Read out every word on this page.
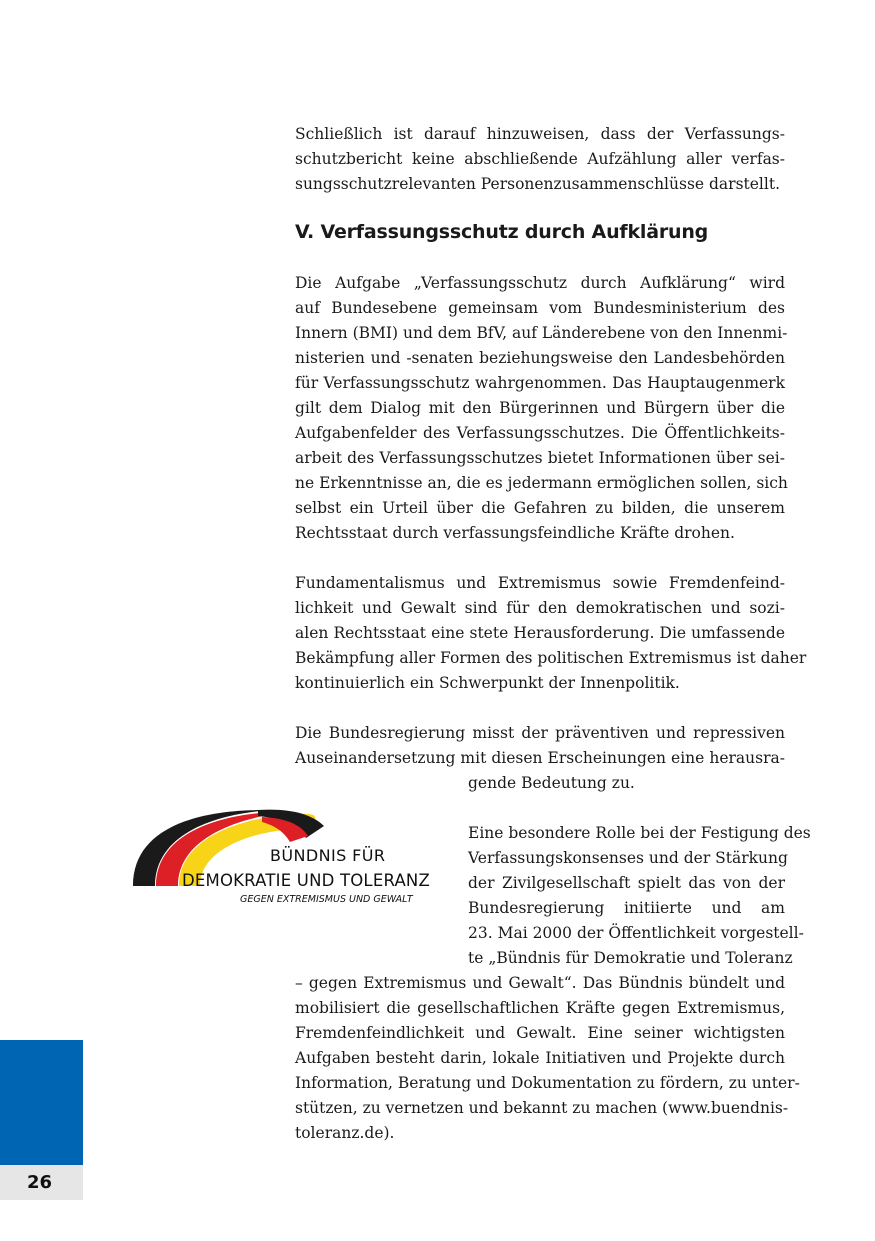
Schließlich ist darauf hinzuweisen, dass der Verfassungs-
schutzbericht keine abschließende Aufzählung aller verfas-
sungsschutzrelevanten Personenzusammenschlüsse darstellt.
V. Verfassungsschutz durch Aufklärung
Die Aufgabe „Verfassungsschutz durch Aufklärung“ wird
auf Bundesebene gemeinsam vom Bundesministerium des
Innern (BMI) und dem BfV, auf Länderebene von den Innenmi-
nisterien und -senaten beziehungsweise den Landesbehörden
für Verfassungsschutz wahrgenommen. Das Hauptaugenmerk
gilt dem Dialog mit den Bürgerinnen und Bürgern über die
Aufgabenfelder des Verfassungsschutzes. Die Öffentlichkeits-
arbeit des Verfassungsschutzes bietet Informationen über sei-
ne Erkenntnisse an, die es jedermann ermöglichen sollen, sich
selbst ein Urteil über die Gefahren zu bilden, die unserem
Rechtsstaat durch verfassungsfeindliche Kräfte drohen.
Fundamentalismus und Extremismus sowie Fremdenfeind-
lichkeit und Gewalt sind für den demokratischen und sozi-
alen Rechtsstaat eine stete Herausforderung. Die umfassende
Bekämpfung aller Formen des politischen Extremismus ist daher
kontinuierlich ein Schwerpunkt der Innenpolitik.
Die Bundesregierung misst der präventiven und repressiven
Auseinandersetzung mit diesen Erscheinungen eine herausra-
gende Bedeutung zu.
Eine besondere Rolle bei der Festigung des
Verfassungskonsenses und der Stärkung
der Zivilgesellschaft spielt das von der
Bundesregierung initiierte und am
23. Mai 2000 der Öffentlichkeit vorgestell-
te „Bündnis für Demokratie und Toleranz
– gegen Extremismus und Gewalt“. Das Bündnis bündelt und
mobilisiert die gesellschaftlichen Kräfte gegen Extremismus,
Fremdenfeindlichkeit und Gewalt. Eine seiner wichtigsten
Aufgaben besteht darin, lokale Initiativen und Projekte durch
Information, Beratung und Dokumentation zu fördern, zu unter-
stützen, zu vernetzen und bekannt zu machen (www.buendnis-
toleranz.de).

BÜNDNIS FÜR

DEMOKRATIE UND TOLERANZ

GEGEN EXTREMISMUS UND GEWALT

26
